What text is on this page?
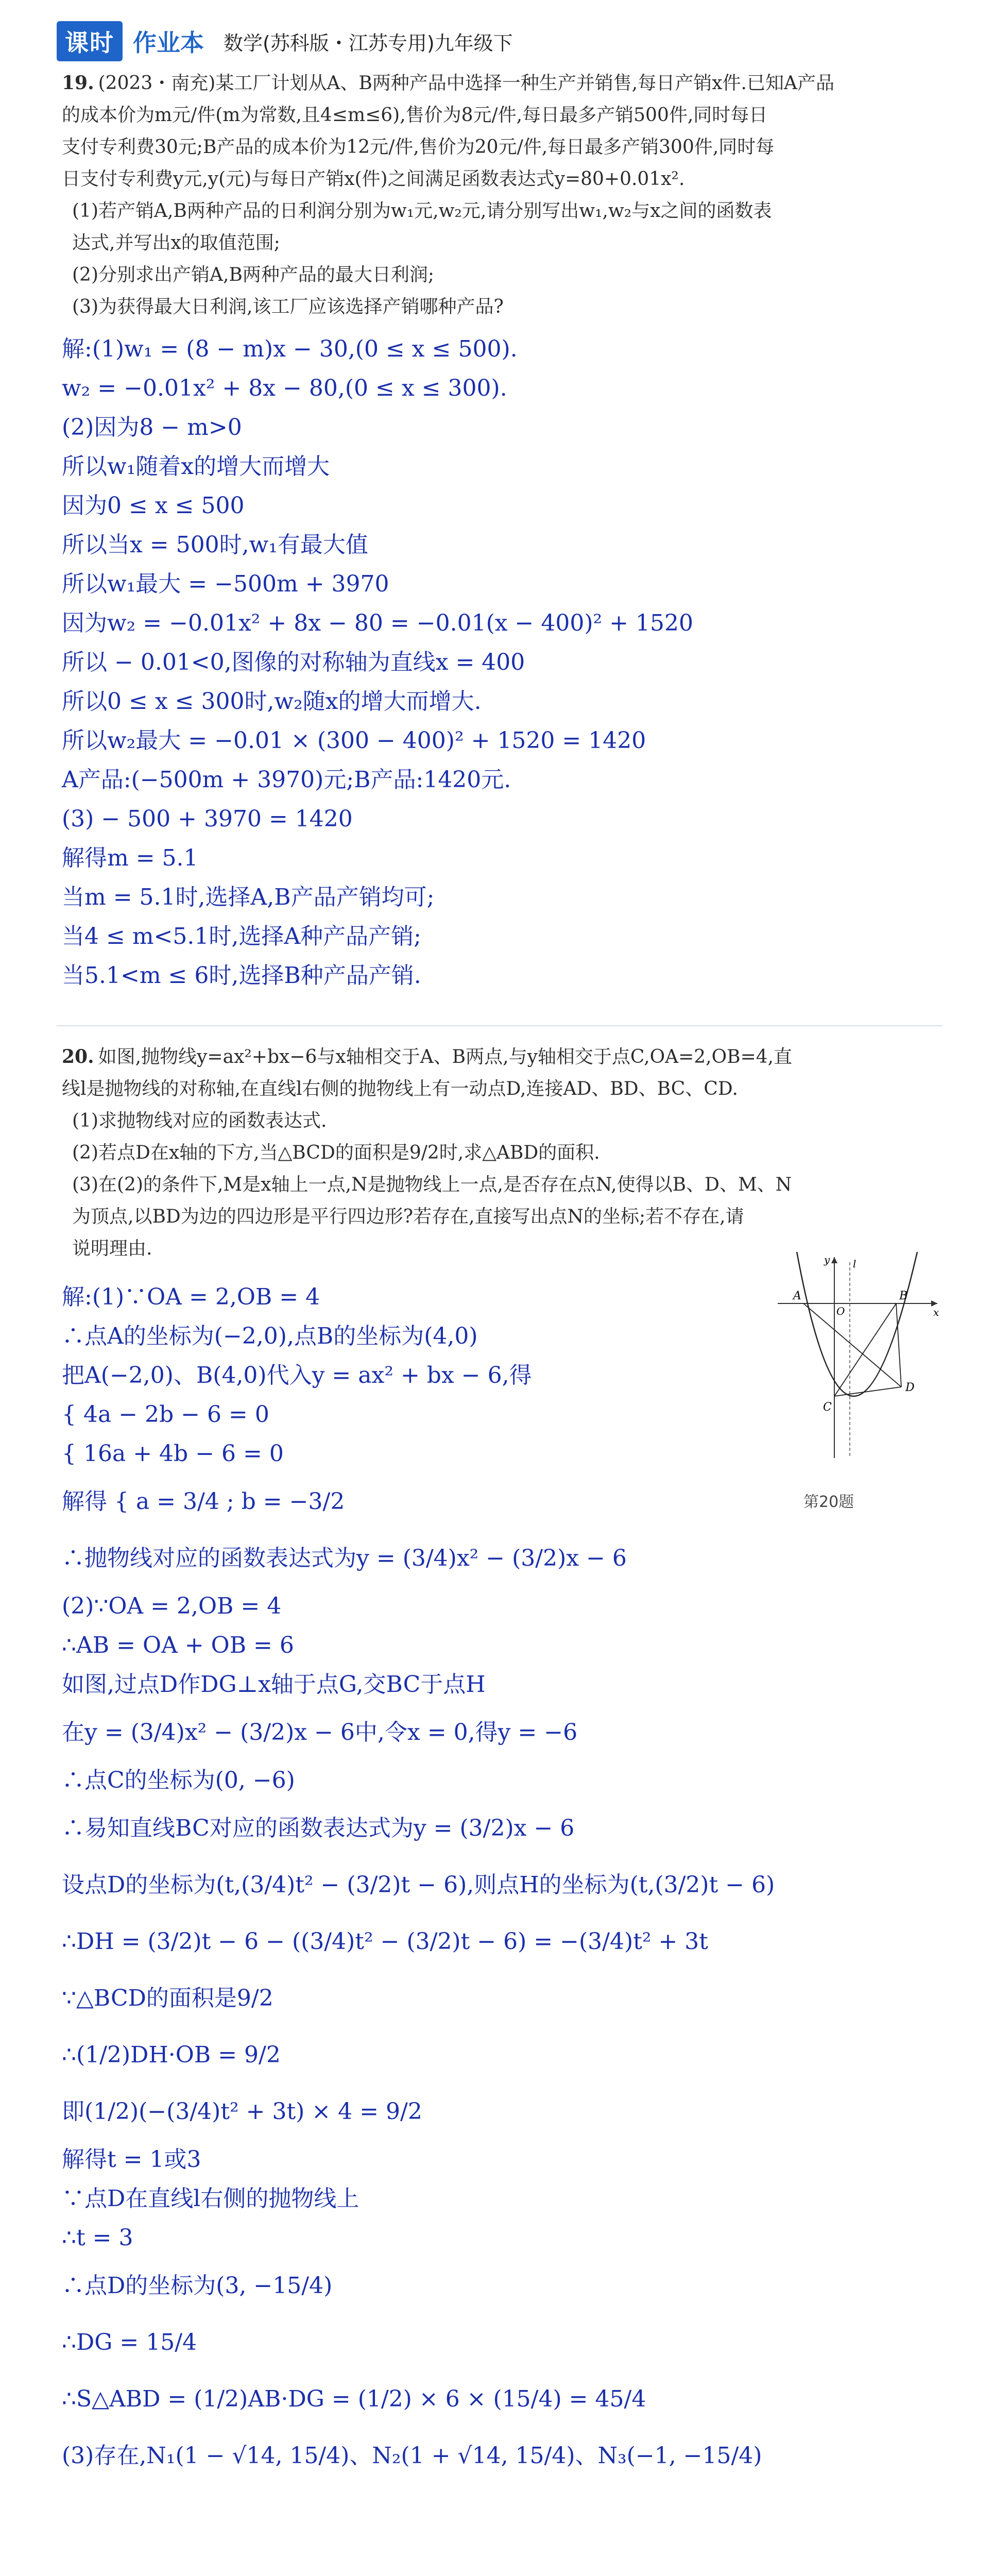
课时 作业本 数学(苏科版・江苏专用)九年级下

19. (2023・南充)某工厂计划从A、B两种产品中选择一种生产并销售,每日产销x件.已知A产品

的成本价为m元/件(m为常数,且4≤m≤6),售价为8元/件,每日最多产销500件,同时每日

支付专利费30元;B产品的成本价为12元/件,售价为20元/件,每日最多产销300件,同时每

日支付专利费y元,y(元)与每日产销x(件)之间满足函数表达式y=80+0.01x².

(1)若产销A,B两种产品的日利润分别为w₁元,w₂元,请分别写出w₁,w₂与x之间的函数表

达式,并写出x的取值范围;

(2)分别求出产销A,B两种产品的最大日利润;

(3)为获得最大日利润,该工厂应该选择产销哪种产品?

解:(1)w₁ = (8 − m)x − 30,(0 ≤ x ≤ 500).
w₂ = −0.01x² + 8x − 80,(0 ≤ x ≤ 300).
(2)因为8 − m>0
所以w₁随着x的增大而增大
因为0 ≤ x ≤ 500
所以当x = 500时,w₁有最大值
所以w₁最大 = −500m + 3970
因为w₂ = −0.01x² + 8x − 80 = −0.01(x − 400)² + 1520
所以 − 0.01<0,图像的对称轴为直线x = 400
所以0 ≤ x ≤ 300时,w₂随x的增大而增大.
所以w₂最大 = −0.01 × (300 − 400)² + 1520 = 1420
A产品:(−500m + 3970)元;B产品:1420元.
(3) − 500 + 3970 = 1420
解得m = 5.1
当m = 5.1时,选择A,B产品产销均可;
当4 ≤ m<5.1时,选择A种产品产销;
当5.1<m ≤ 6时,选择B种产品产销.

20. 如图,抛物线y=ax²+bx−6与x轴相交于A、B两点,与y轴相交于点C,OA=2,OB=4,直

线l是抛物线的对称轴,在直线l右侧的抛物线上有一动点D,连接AD、BD、BC、CD.

(1)求抛物线对应的函数表达式.

(2)若点D在x轴的下方,当△BCD的面积是9/2时,求△ABD的面积.

(3)在(2)的条件下,M是x轴上一点,N是抛物线上一点,是否存在点N,使得以B、D、M、N

为顶点,以BD为边的四边形是平行四边形?若存在,直接写出点N的坐标;若不存在,请

说明理由.

A	B
C
D
O	x
y l
第20题
解:(1)∵OA = 2,OB = 4
∴点A的坐标为(−2,0),点B的坐标为(4,0)
把A(−2,0)、B(4,0)代入y = ax² + bx − 6,得
{ 4a − 2b − 6 = 0
{ 16a + 4b − 6 = 0
解得 { a = 3/4 ; b = −3/2
∴抛物线对应的函数表达式为y = (3/4)x² − (3/2)x − 6
(2)∵OA = 2,OB = 4
∴AB = OA + OB = 6
如图,过点D作DG⊥x轴于点G,交BC于点H
在y = (3/4)x² − (3/2)x − 6中,令x = 0,得y = −6
∴点C的坐标为(0, −6)
∴易知直线BC对应的函数表达式为y = (3/2)x − 6
设点D的坐标为(t,(3/4)t² − (3/2)t − 6),则点H的坐标为(t,(3/2)t − 6)
∴DH = (3/2)t − 6 − ((3/4)t² − (3/2)t − 6) = −(3/4)t² + 3t
∵△BCD的面积是9/2
∴(1/2)DH·OB = 9/2
即(1/2)(−(3/4)t² + 3t) × 4 = 9/2
解得t = 1或3
∵点D在直线l右侧的抛物线上
∴t = 3
∴点D的坐标为(3, −15/4)
∴DG = 15/4
∴S△ABD = (1/2)AB·DG = (1/2) × 6 × (15/4) = 45/4
(3)存在,N₁(1 − √14, 15/4)、N₂(1 + √14, 15/4)、N₃(−1, −15/4)
